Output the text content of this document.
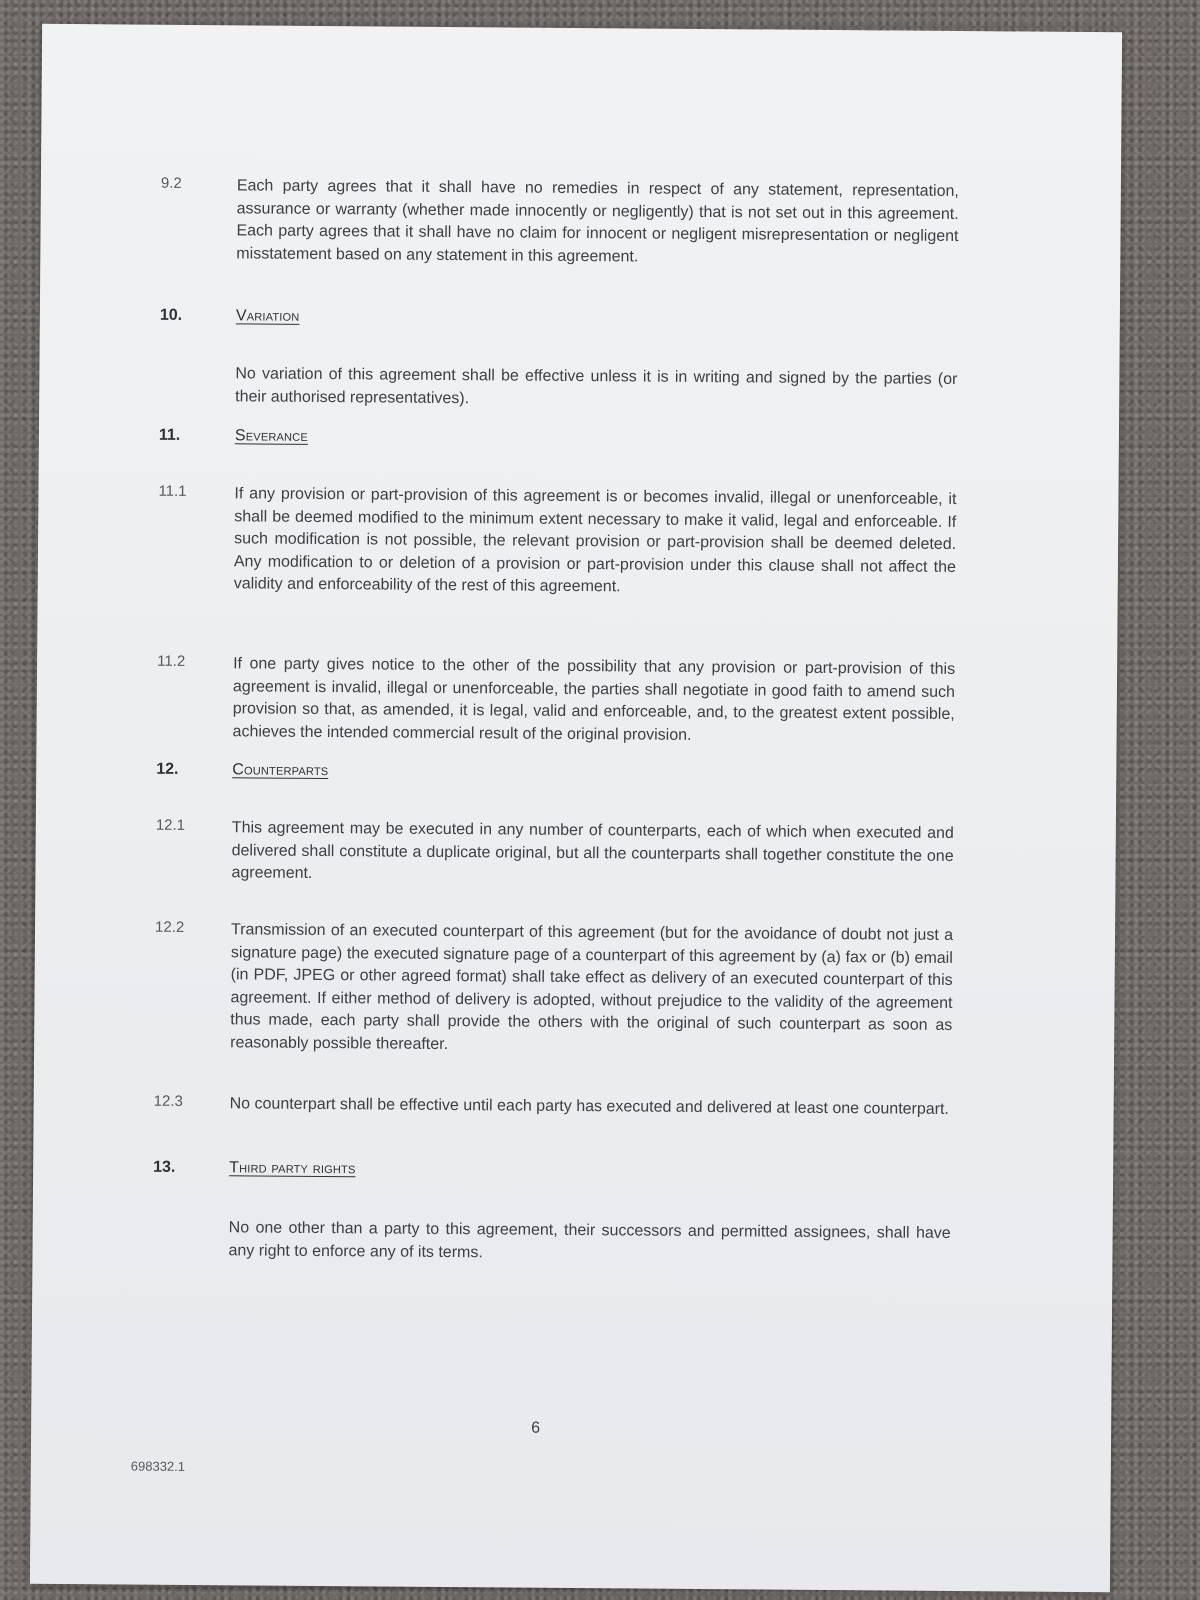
9.2	Each party agrees that it shall have no remedies in respect of any statement, representation, assurance or warranty (whether made innocently or negligently) that is not set out in this agreement. Each party agrees that it shall have no claim for innocent or negligent misrepresentation or negligent misstatement based on any statement in this agreement.
10.	Variation
No variation of this agreement shall be effective unless it is in writing and signed by the parties (or their authorised representatives).
11.	Severance
11.1	If any provision or part-provision of this agreement is or becomes invalid, illegal or unenforceable, it shall be deemed modified to the minimum extent necessary to make it valid, legal and enforceable. If such modification is not possible, the relevant provision or part-provision shall be deemed deleted. Any modification to or deletion of a provision or part-provision under this clause shall not affect the validity and enforceability of the rest of this agreement.
11.2	If one party gives notice to the other of the possibility that any provision or part-provision of this agreement is invalid, illegal or unenforceable, the parties shall negotiate in good faith to amend such provision so that, as amended, it is legal, valid and enforceable, and, to the greatest extent possible, achieves the intended commercial result of the original provision.
12.	Counterparts
12.1	This agreement may be executed in any number of counterparts, each of which when executed and delivered shall constitute a duplicate original, but all the counterparts shall together constitute the one agreement.
12.2	Transmission of an executed counterpart of this agreement (but for the avoidance of doubt not just a signature page) the executed signature page of a counterpart of this agreement by (a) fax or (b) email (in PDF, JPEG or other agreed format) shall take effect as delivery of an executed counterpart of this agreement. If either method of delivery is adopted, without prejudice to the validity of the agreement thus made, each party shall provide the others with the original of such counterpart as soon as reasonably possible thereafter.
12.3	No counterpart shall be effective until each party has executed and delivered at least one counterpart.
13.	Third party rights
No one other than a party to this agreement, their successors and permitted assignees, shall have any right to enforce any of its terms.
6
698332.1
